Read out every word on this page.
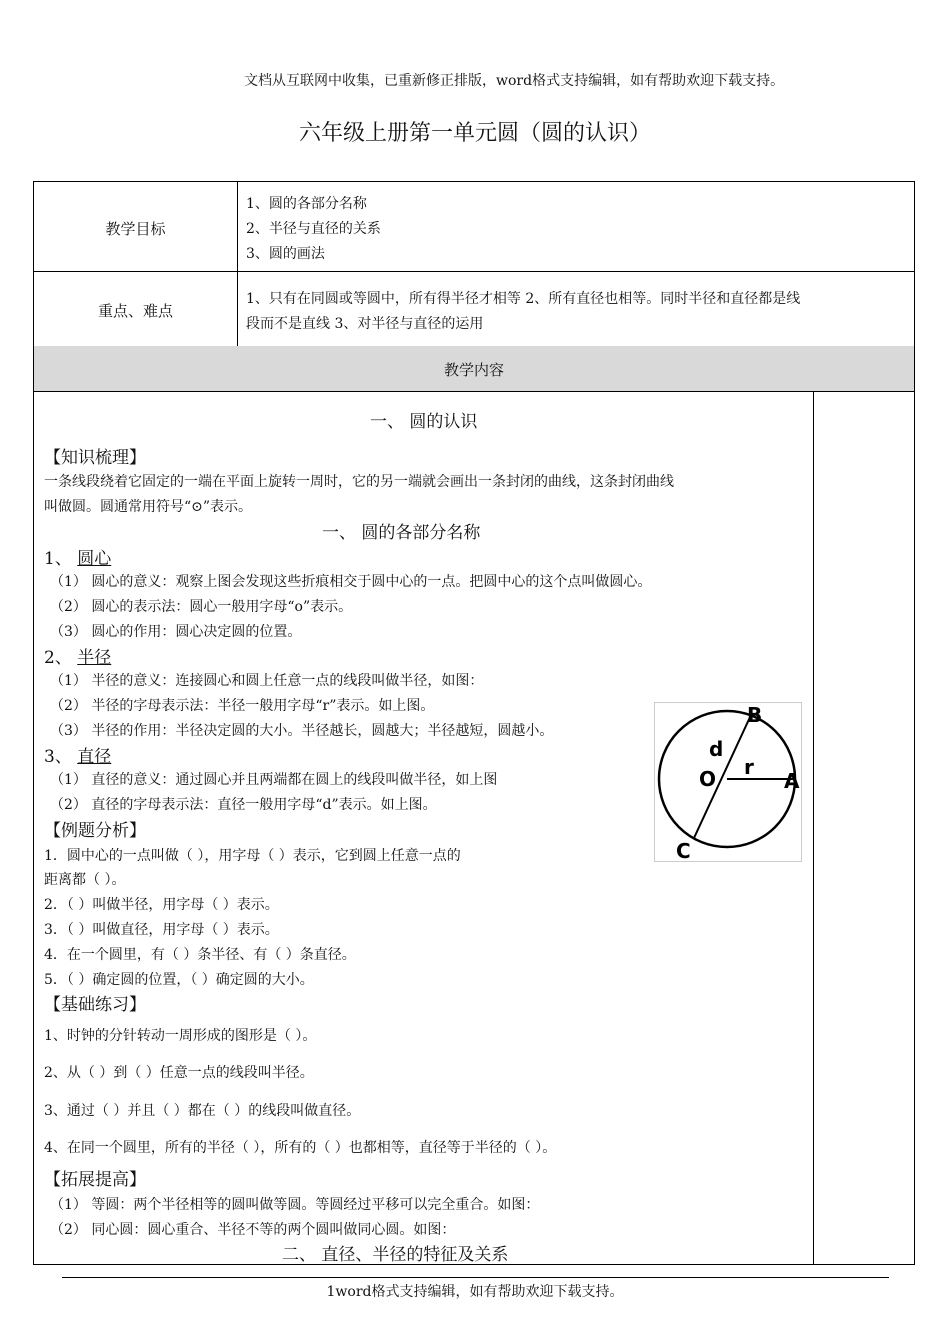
文档从互联网中收集，已重新修正排版，word格式支持编辑，如有帮助欢迎下载支持。
六年级上册第一单元圆（圆的认识）
教学目标
1、圆的各部分名称
2、半径与直径的关系
3、圆的画法
重点、难点
1、只有在同圆或等圆中，所有得半径才相等 2、所有直径也相等。同时半径和直径都是线
段而不是直线 3、对半径与直径的运用
教学内容
一、 圆的认识
【知识梳理】
一条线段绕着它固定的一端在平面上旋转一周时，它的另一端就会画出一条封闭的曲线，这条封闭曲线
叫做圆。圆通常用符号“⊙”表示。
一、 圆的各部分名称
1、 圆心
（1） 圆心的意义：观察上图会发现这些折痕相交于圆中心的一点。把圆中心的这个点叫做圆心。
（2） 圆心的表示法：圆心一般用字母“o”表示。
（3） 圆心的作用：圆心决定圆的位置。
2、 半径
（1） 半径的意义：连接圆心和圆上任意一点的线段叫做半径，如图：
（2） 半径的字母表示法：半径一般用字母“r”表示。如上图。
（3） 半径的作用：半径决定圆的大小。半径越长，圆越大；半径越短，圆越小。
3、 直径
（1） 直径的意义：通过圆心并且两端都在圆上的线段叫做半径，如上图
（2） 直径的字母表示法：直径一般用字母“d”表示。如上图。
【例题分析】
1．圆中心的一点叫做（ ），用字母（ ）表示，它到圆上任意一点的
距离都（ ）。
2．（ ）叫做半径，用字母（ ）表示。
3．（ ）叫做直径，用字母（ ）表示。
4．在一个圆里，有（ ）条半径、有（ ）条直径。
5．（ ）确定圆的位置，（ ）确定圆的大小。
【基础练习】
1、时钟的分针转动一周形成的图形是（ ）。
2、从（ ）到（ ）任意一点的线段叫半径。
3、通过（ ）并且（ ）都在（ ）的线段叫做直径。
4、在同一个圆里，所有的半径（ ），所有的（ ）也都相等，直径等于半径的（ ）。
【拓展提高】
（1） 等圆：两个半径相等的圆叫做等圆。等圆经过平移可以完全重合。如图：
（2） 同心圆：圆心重合、半径不等的两个圆叫做同心圆。如图：
二、 直径、半径的特征及关系
B
A
C
O
d
r
1word格式支持编辑，如有帮助欢迎下载支持。
